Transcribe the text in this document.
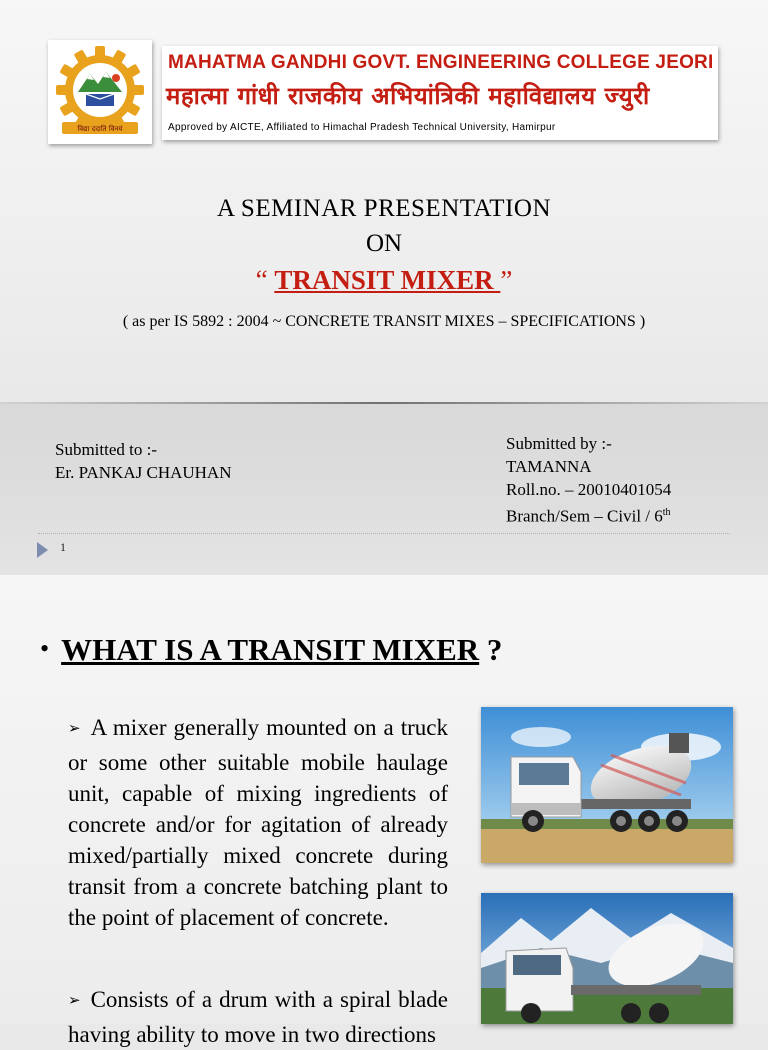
विद्या ददाति विनयं
MAHATMA GANDHI GOVT. ENGINEERING COLLEGE JEORI
महात्मा गांधी राजकीय अभियांत्रिकी महाविद्यालय ज्युरी
Approved by AICTE, Affiliated to Himachal Pradesh Technical University, Hamirpur
A SEMINAR PRESENTATION
ON
“ TRANSIT MIXER ”
( as per IS 5892 : 2004 ~ CONCRETE TRANSIT MIXES – SPECIFICATIONS )
Submitted to :-
Er. PANKAJ CHAUHAN
Submitted by :-
TAMANNA
Roll.no. – 20010401054
Branch/Sem – Civil / 6th
1
• WHAT IS A TRANSIT MIXER ?
➢ A mixer generally mounted on a truck or some other suitable mobile haulage unit, capable of mixing ingredients of concrete and/or for agitation of already mixed/partially mixed concrete during transit from a concrete batching plant to the point of placement of concrete.
➢ Consists of a drum with a spiral blade having ability to move in two directions
